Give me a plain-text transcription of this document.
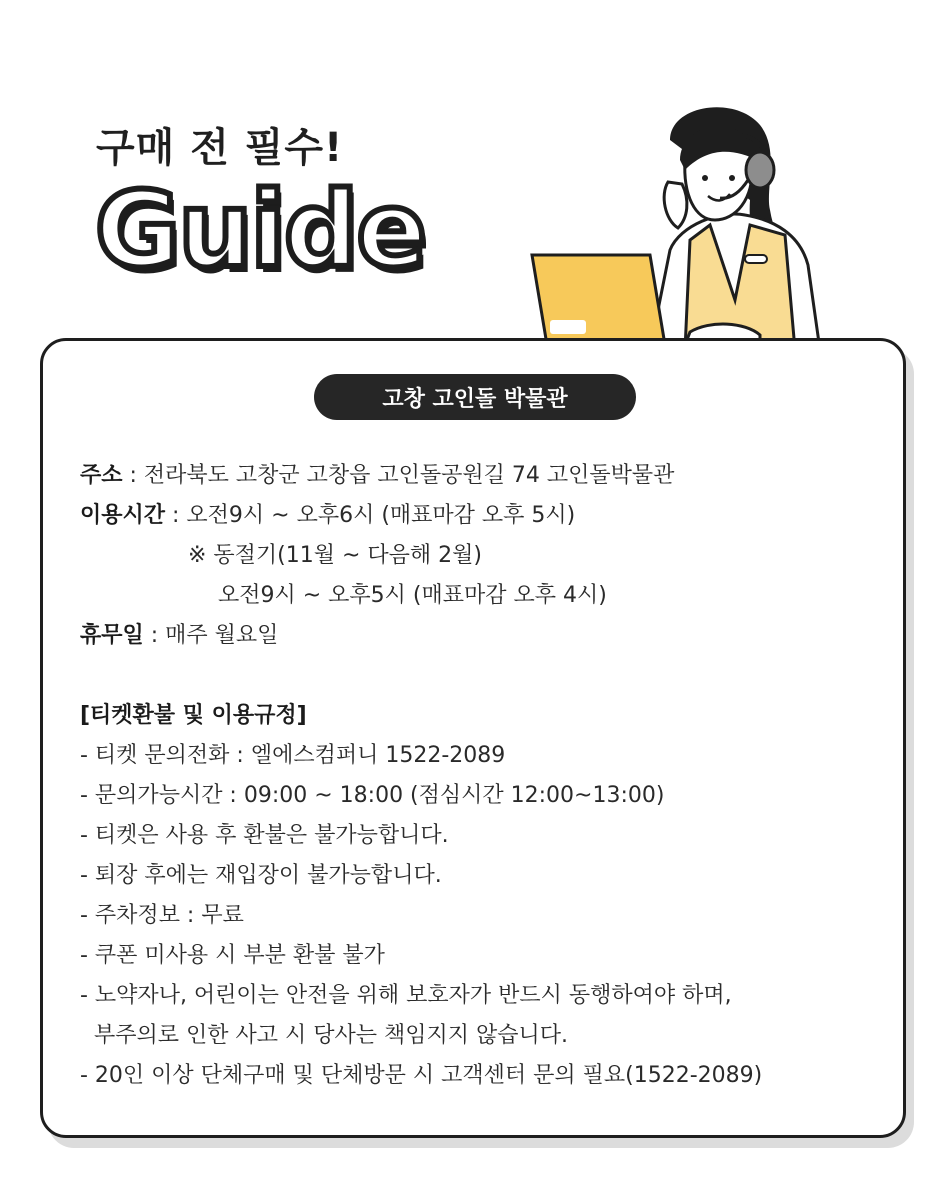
구매 전 필수!
Guide
고창 고인돌 박물관
주소 : 전라북도 고창군 고창읍 고인돌공원길 74 고인돌박물관
이용시간 : 오전9시 ~ 오후6시 (매표마감 오후 5시)
※ 동절기(11월 ~ 다음해 2월)
오전9시 ~ 오후5시 (매표마감 오후 4시)
휴무일 : 매주 월요일
[티켓환불 및 이용규정]
- 티켓 문의전화 : 엘에스컴퍼니 1522-2089
- 문의가능시간 : 09:00 ~ 18:00 (점심시간 12:00~13:00)
- 티켓은 사용 후 환불은 불가능합니다.
- 퇴장 후에는 재입장이 불가능합니다.
- 주차정보 : 무료
- 쿠폰 미사용 시 부분 환불 불가
- 노약자나, 어린이는 안전을 위해 보호자가 반드시 동행하여야 하며,
부주의로 인한 사고 시 당사는 책임지지 않습니다.
- 20인 이상 단체구매 및 단체방문 시 고객센터 문의 필요(1522-2089)
